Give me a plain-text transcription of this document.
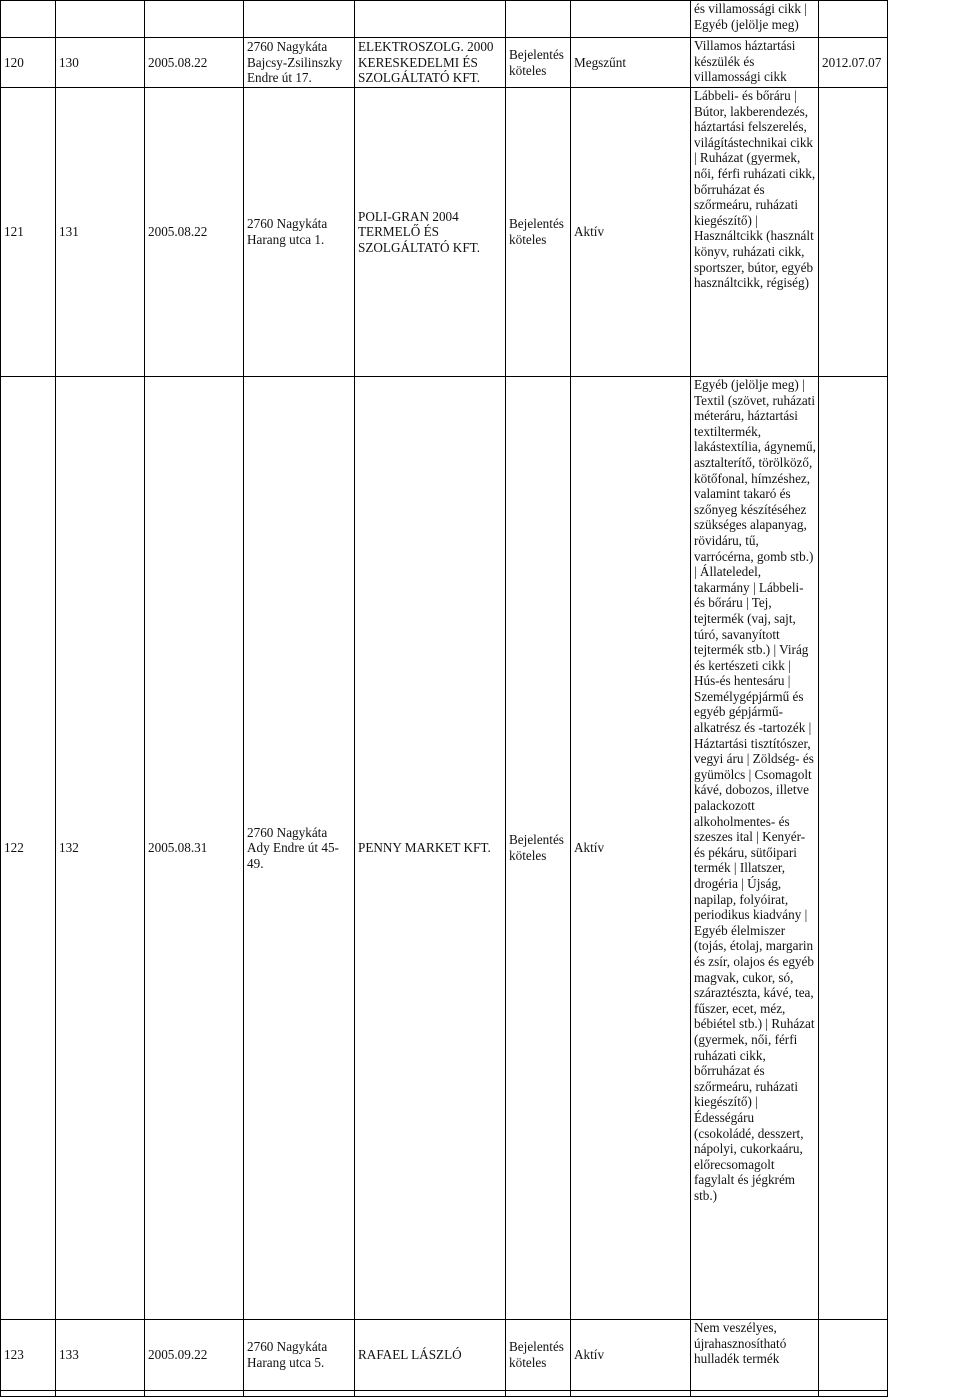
							és villamossági cikk | Egyéb (jelölje meg)	
120	130	2005.08.22	2760 Nagykáta Bajcsy-Zsilinszky Endre út 17.	ELEKTROSZOLG. 2000 KERESKEDELMI ÉS SZOLGÁLTATÓ KFT.	Bejelentés köteles	Megszűnt	Villamos háztartási készülék és villamossági cikk	2012.07.07
121	131	2005.08.22	2760 Nagykáta Harang utca 1.	POLI-GRAN 2004 TERMELŐ ÉS SZOLGÁLTATÓ KFT.	Bejelentés köteles	Aktív	Lábbeli- és bőráru | Bútor, lakberendezés, háztartási felszerelés, világítástechnikai cikk | Ruházat (gyermek, női, férfi ruházati cikk, bőrruházat és szőrmeáru, ruházati kiegészítő) | Használtcikk (használt könyv, ruházati cikk, sportszer, bútor, egyéb használtcikk, régiség)	
122	132	2005.08.31	2760 Nagykáta Ady Endre út 45-49.	PENNY MARKET KFT.	Bejelentés köteles	Aktív	Egyéb (jelölje meg) | Textil (szövet, ruházati méteráru, háztartási textiltermék, lakástextília, ágynemű, asztalterítő, törölköző, kötőfonal, hímzéshez, valamint takaró és szőnyeg készítéséhez szükséges alapanyag, rövidáru, tű, varrócérna, gomb stb.) | Állateledel, takarmány | Lábbeli- és bőráru | Tej, tejtermék (vaj, sajt, túró, savanyított tejtermék stb.) | Virág és kertészeti cikk | Hús-és hentesáru | Személygépjármű és egyéb gépjármű-alkatrész és -tartozék | Háztartási tisztítószer, vegyi áru | Zöldség- és gyümölcs | Csomagolt kávé, dobozos, illetve palackozott alkoholmentes- és szeszes ital | Kenyér- és pékáru, sütőipari termék | Illatszer, drogéria | Újság, napilap, folyóirat, periodikus kiadvány | Egyéb élelmiszer (tojás, étolaj, margarin és zsír, olajos és egyéb magvak, cukor, só, száraztészta, kávé, tea, fűszer, ecet, méz, bébiétel stb.) | Ruházat (gyermek, női, férfi ruházati cikk, bőrruházat és szőrmeáru, ruházati kiegészítő) | Édességáru (csokoládé, desszert, nápolyi, cukorkaáru, előrecsomagolt fagylalt és jégkrém stb.)	
123	133	2005.09.22	2760 Nagykáta Harang utca 5.	RAFAEL LÁSZLÓ	Bejelentés köteles	Aktív	Nem veszélyes, újrahasznosítható hulladék termék	
